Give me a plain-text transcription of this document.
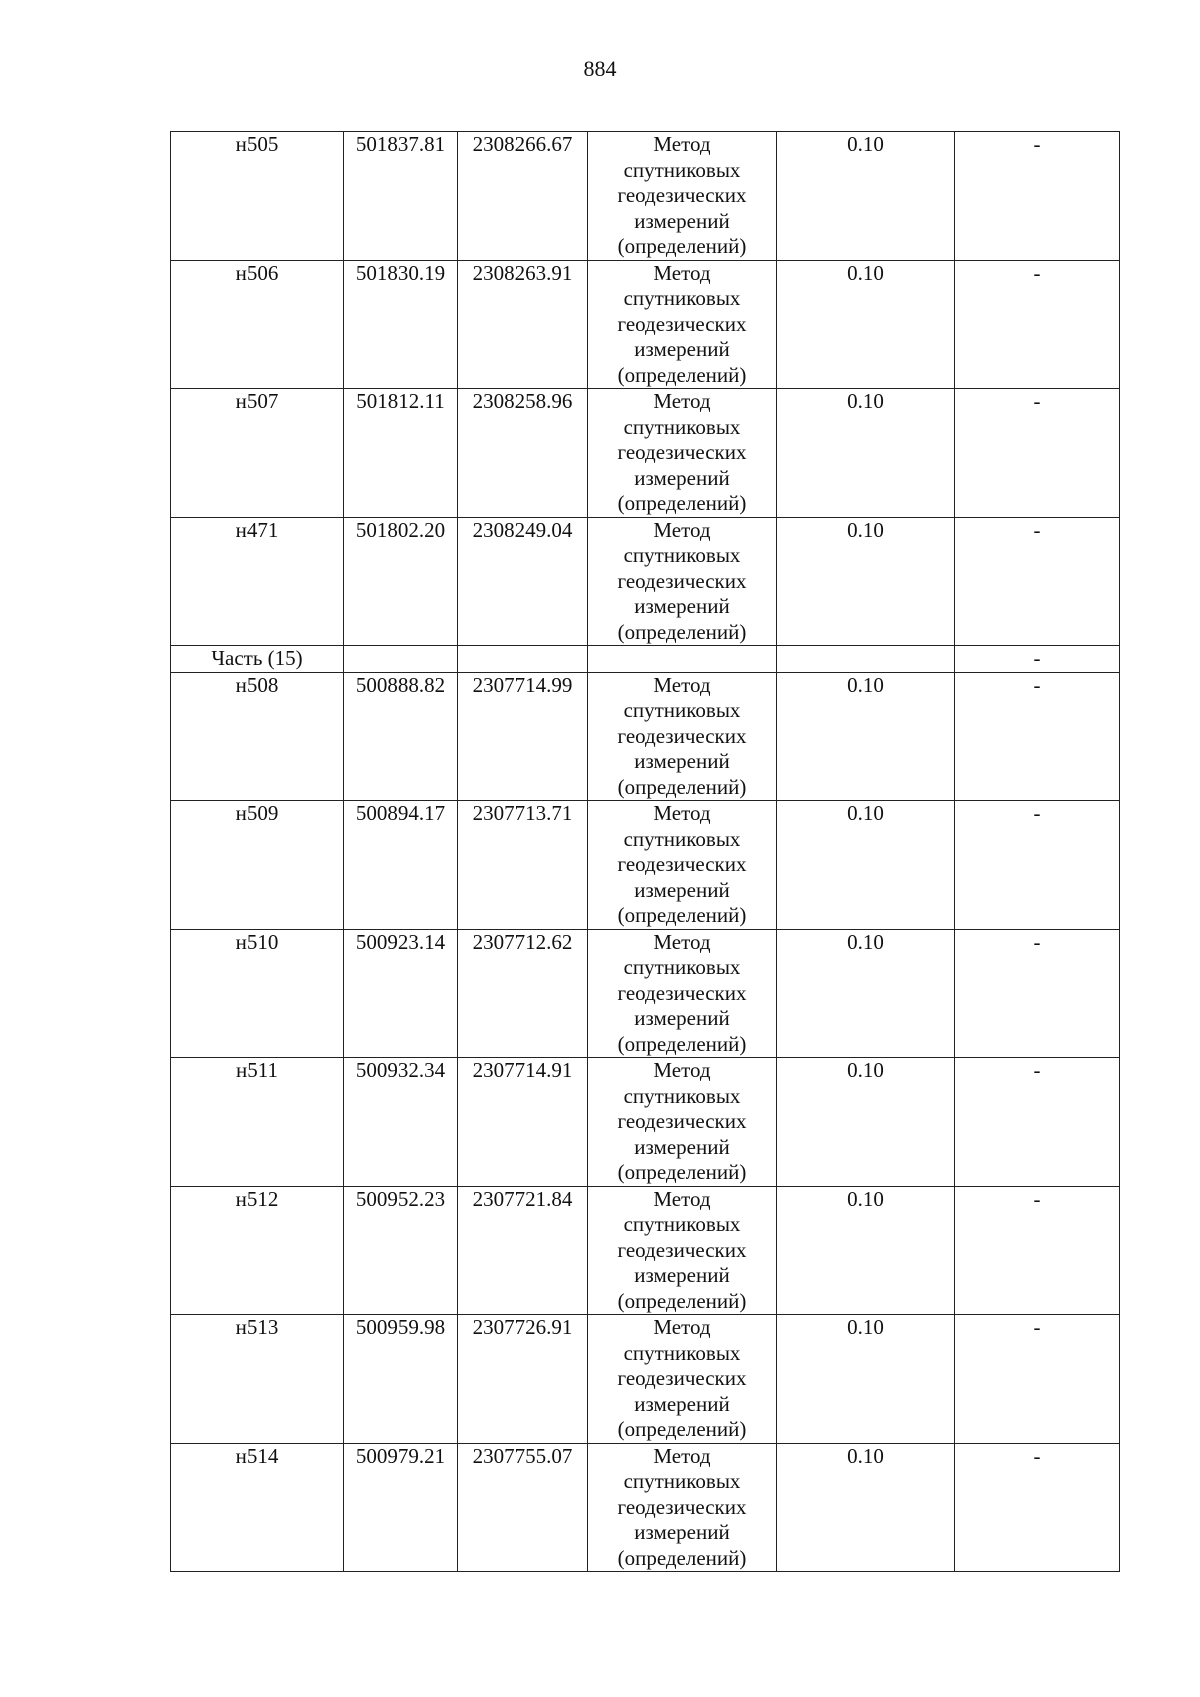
884
н505	501837.81	2308266.67	Метод
спутниковых
геодезических
измерений
(определений)	0.10	-
н506	501830.19	2308263.91	Метод
спутниковых
геодезических
измерений
(определений)	0.10	-
н507	501812.11	2308258.96	Метод
спутниковых
геодезических
измерений
(определений)	0.10	-
н471	501802.20	2308249.04	Метод
спутниковых
геодезических
измерений
(определений)	0.10	-
Часть (15)					-
н508	500888.82	2307714.99	Метод
спутниковых
геодезических
измерений
(определений)	0.10	-
н509	500894.17	2307713.71	Метод
спутниковых
геодезических
измерений
(определений)	0.10	-
н510	500923.14	2307712.62	Метод
спутниковых
геодезических
измерений
(определений)	0.10	-
н511	500932.34	2307714.91	Метод
спутниковых
геодезических
измерений
(определений)	0.10	-
н512	500952.23	2307721.84	Метод
спутниковых
геодезических
измерений
(определений)	0.10	-
н513	500959.98	2307726.91	Метод
спутниковых
геодезических
измерений
(определений)	0.10	-
н514	500979.21	2307755.07	Метод
спутниковых
геодезических
измерений
(определений)	0.10	-
